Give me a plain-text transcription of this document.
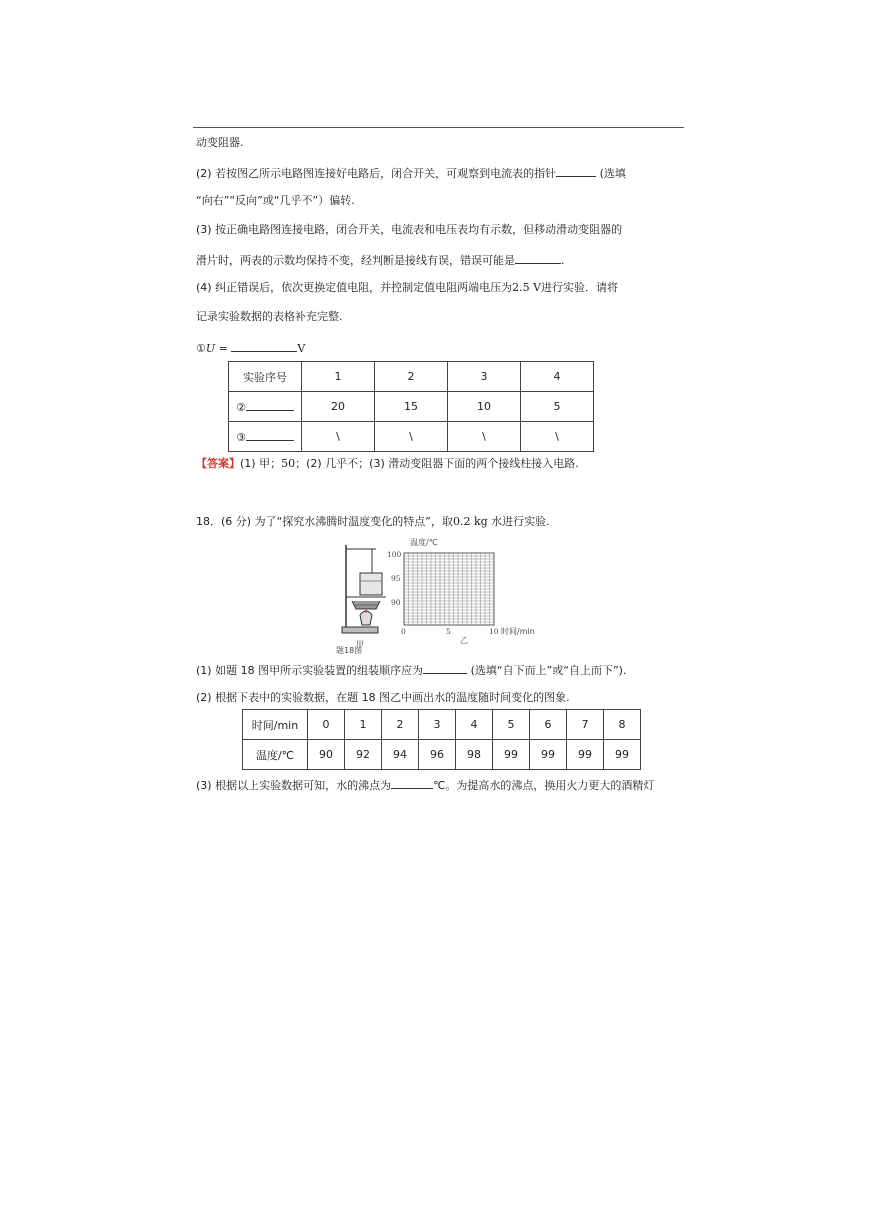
动变阻器.
(2) 若按图乙所示电路图连接好电路后，闭合开关，可观察到电流表的指针	(选填
“向右”“反向”或“几乎不”）偏转.
(3) 按正确电路图连接电路，闭合开关，电流表和电压表均有示数，但移动滑动变阻器的
滑片时，两表的示数均保持不变，经判断是接线有误，错误可能是	.
(4) 纠正错误后，依次更换定值电阻，并控制定值电阻两端电压为2.5 V进行实验．请将
记录实验数据的表格补充完整.
①U =	V
实验序号	1	2	3	4
②	20	15	10	5
③	\	\	\	\
【答案】(1) 甲；50；(2) 几乎不；(3) 滑动变阻器下面的两个接线柱接入电路.
18．(6 分) 为了“探究水沸腾时温度变化的特点”，取0.2 kg 水进行实验.
甲
温度/℃
100
95
90
0	5	10 时间/min
乙
题18图
(1) 如题 18 图甲所示实验装置的组装顺序应为	(选填“自下而上”或“自上而下”).
(2) 根据下表中的实验数据，在题 18 图乙中画出水的温度随时间变化的图象.
时间/min	0	1	2	3	4	5	6	7	8
温度/℃	90	92	94	96	98	99	99	99	99
(3) 根据以上实验数据可知，水的沸点为	℃。为提高水的沸点，换用火力更大的酒精灯
